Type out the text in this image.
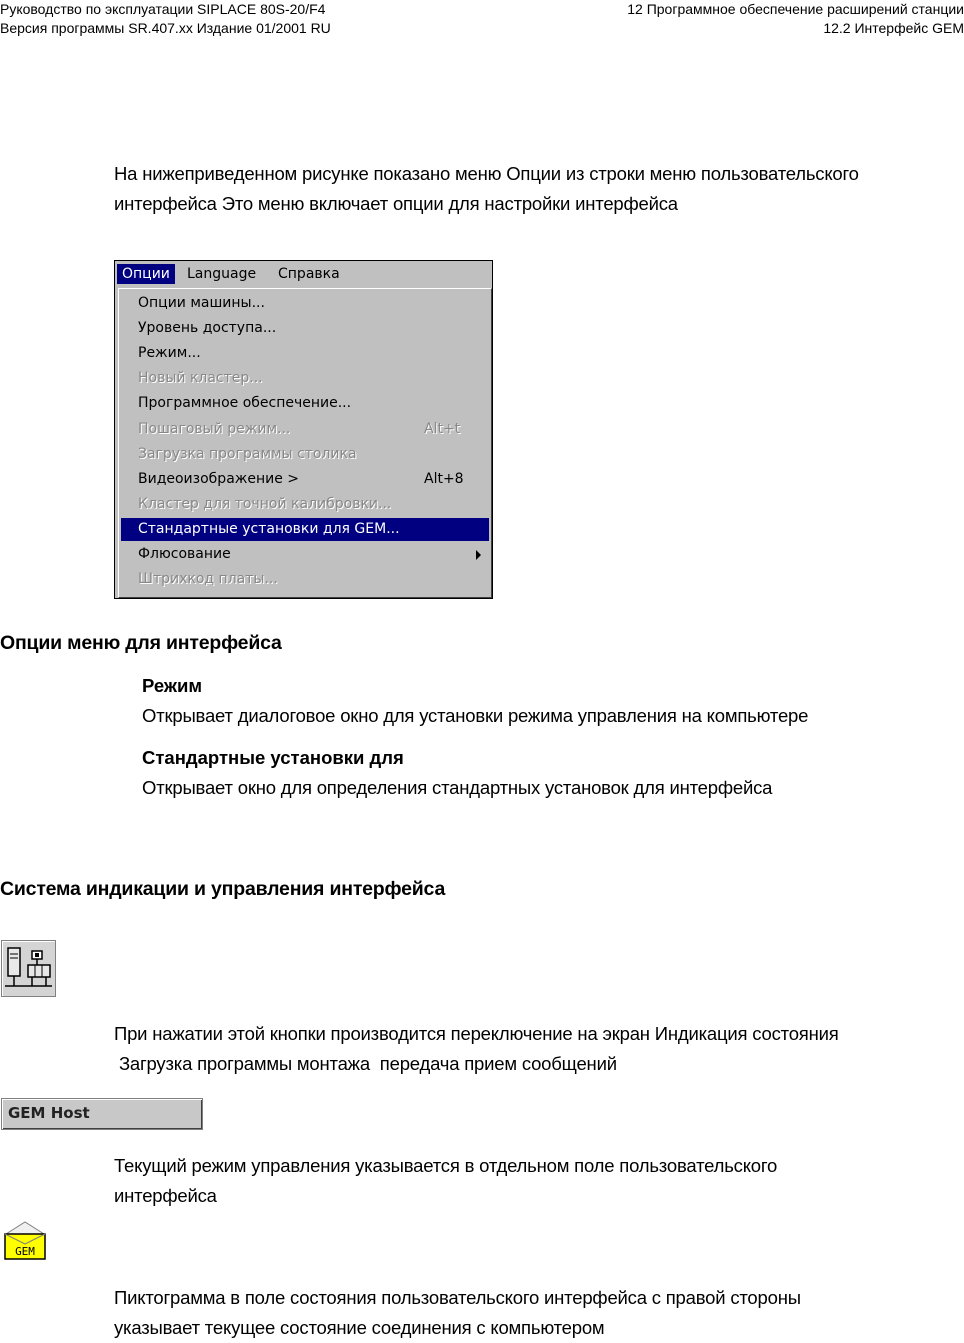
Руководство по эксплуатации SIPLACE 80S-20/F4
Версия программы SR.407.xx Издание 01/2001 RU
12 Программное обеспечение расширений станции
12.2 Интерфейс GEM
На нижеприведенном рисунке показано меню Опции из строки меню пользовательского
интерфейса Это меню включает опции для настройки интерфейса
Опции	Language	Справка
Опции машины...
Уровень доступа...
Режим...
Новый кластер...
Программное обеспечение...
Пошаговый режим...	Alt+t
Загрузка программы столика
Видеоизображение >	Alt+8
Кластер для точной калибровки...
Стандартные установки для GEM...
Флюсование
Штрихкод платы...
Опции меню для интерфейса
Режим
Открывает диалоговое окно для установки режима управления на компьютере
Стандартные установки для
Открывает окно для определения стандартных установок для интерфейса
Система индикации и управления интерфейса
При нажатии этой кнопки производится переключение на экран Индикация состояния
Загрузка программы монтажа  передача прием сообщений
GEM Host
Текущий режим управления указывается в отдельном поле пользовательского
интерфейса
GEM
Пиктограмма в поле состояния пользовательского интерфейса с правой стороны
указывает текущее состояние соединения с компьютером
